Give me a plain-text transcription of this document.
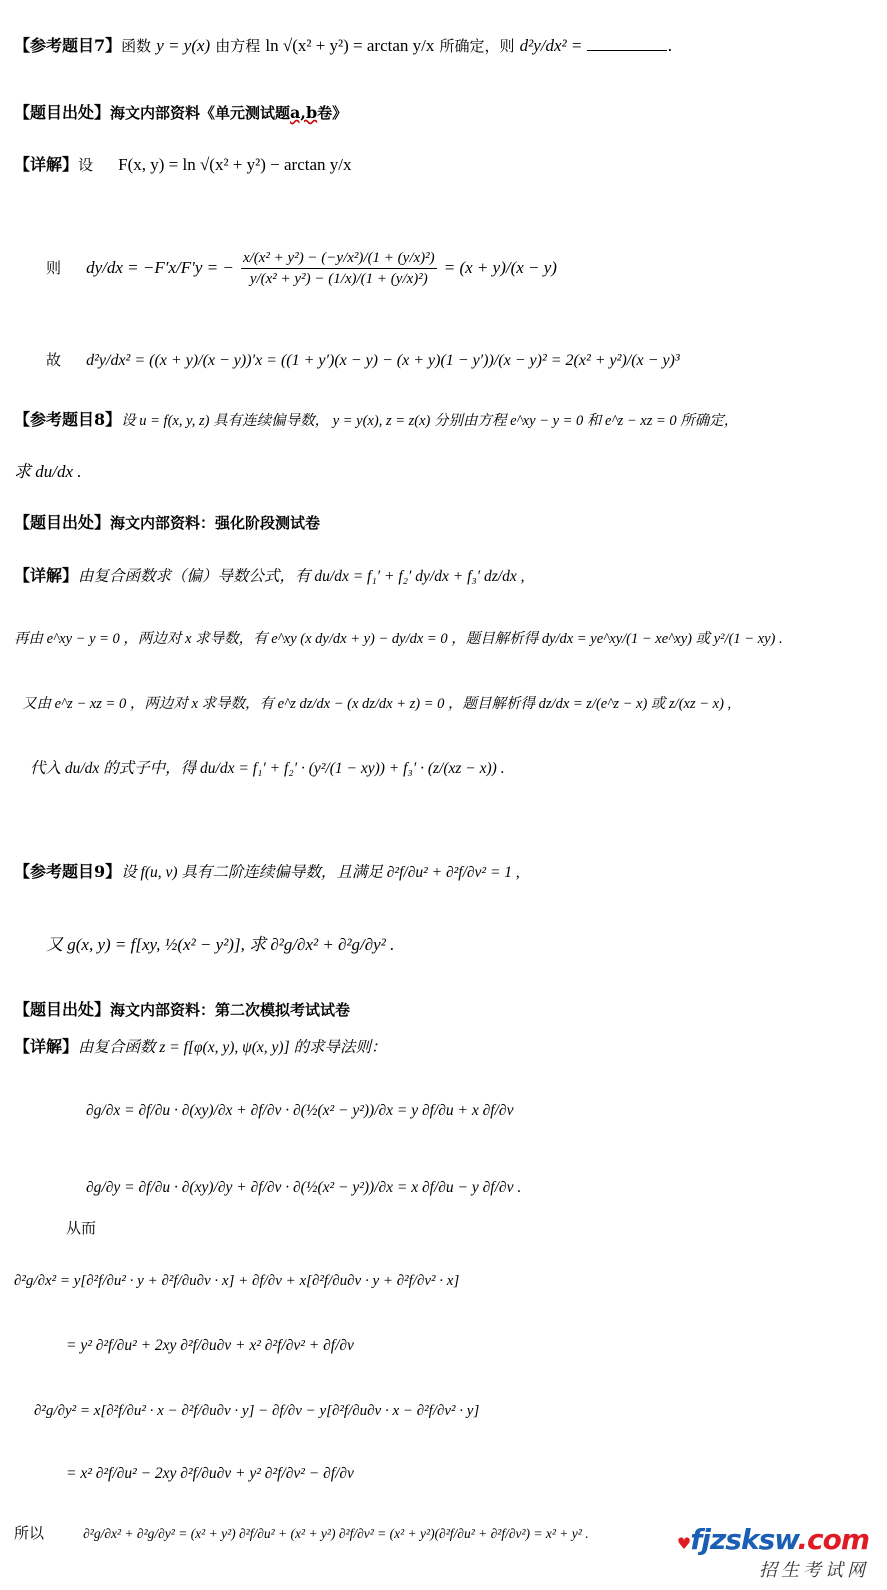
【参考题目7】函数 y = y(x) 由方程 ln √(x² + y²) = arctan y/x 所确定，则 d²y/dx² =	.
【题目出处】海文内部资料《单元测试题a,b卷》
【详解】设 F(x, y) = ln √(x² + y²) − arctan y/x
则 dy/dx = −F′x/F′y = − $\frac{\text{x/(x² + y²) − (−y/x²)/(1 + (y/x)²)}}{\text{y/(x² + y²) − (1/x)/(1 + (y/x)²)}} = (x + y)/(x - y)$
故 d²y/dx² = ((x + y)/(x − y))′x = ((1 + y′)(x − y) − (x + y)(1 − y′))/(x − y)² = 2(x² + y²)/(x − y)³
【参考题目8】设 u = f(x, y, z) 具有连续偏导数， y = y(x), z = z(x) 分别由方程 e^xy − y = 0 和 e^z − xz = 0 所确定，
求 du/dx .
【题目出处】海文内部资料：强化阶段测试卷
【详解】由复合函数求（偏）导数公式，有 du/dx = f₁′ + f₂′ dy/dx + f₃′ dz/dx ,
再由 e^xy − y = 0 ，两边对 x 求导数，有 e^xy (x dy/dx + y) − dy/dx = 0 ，题目解析得 dy/dx = ye^xy/(1 − xe^xy) 或 y²/(1 − xy) .
又由 e^z − xz = 0 ，两边对 x 求导数，有 e^z dz/dx − (x dz/dx + z) = 0 ，题目解析得 dz/dx = z/(e^z − x) 或 z/(xz − x) ,
代入 du/dx 的式子中，得 du/dx = f₁′ + f₂′ · (y²/(1 − xy)) + f₃′ · (z/(xz − x)) .
【参考题目9】设 f(u, v) 具有二阶连续偏导数，且满足 ∂²f/∂u² + ∂²f/∂v² = 1 ,
又 g(x, y) = f[xy, ½(x² − y²)], 求 ∂²g/∂x² + ∂²g/∂y² .
【题目出处】海文内部资料：第二次模拟考试试卷
【详解】由复合函数 z = f[φ(x, y), ψ(x, y)] 的求导法则：
∂g/∂x = ∂f/∂u · ∂(xy)/∂x + ∂f/∂v · ∂(½(x² − y²))/∂x = y ∂f/∂u + x ∂f/∂v
∂g/∂y = ∂f/∂u · ∂(xy)/∂y + ∂f/∂v · ∂(½(x² − y²))/∂x = x ∂f/∂u − y ∂f/∂v .
从而
∂²g/∂x² = y[∂²f/∂u² · y + ∂²f/∂u∂v · x] + ∂f/∂v + x[∂²f/∂u∂v · y + ∂²f/∂v² · x]
= y² ∂²f/∂u² + 2xy ∂²f/∂u∂v + x² ∂²f/∂v² + ∂f/∂v
∂²g/∂y² = x[∂²f/∂u² · x − ∂²f/∂u∂v · y] − ∂f/∂v − y[∂²f/∂u∂v · x − ∂²f/∂v² · y]
= x² ∂²f/∂u² − 2xy ∂²f/∂u∂v + y² ∂²f/∂v² − ∂f/∂v
所以	∂²g/∂x² + ∂²g/∂y² = (x² + y²) ∂²f/∂u² + (x² + y²) ∂²f/∂v² = (x² + y²)(∂²f/∂u² + ∂²f/∂v²) = x² + y² .
♥fjzsksw.com
招生考试网
